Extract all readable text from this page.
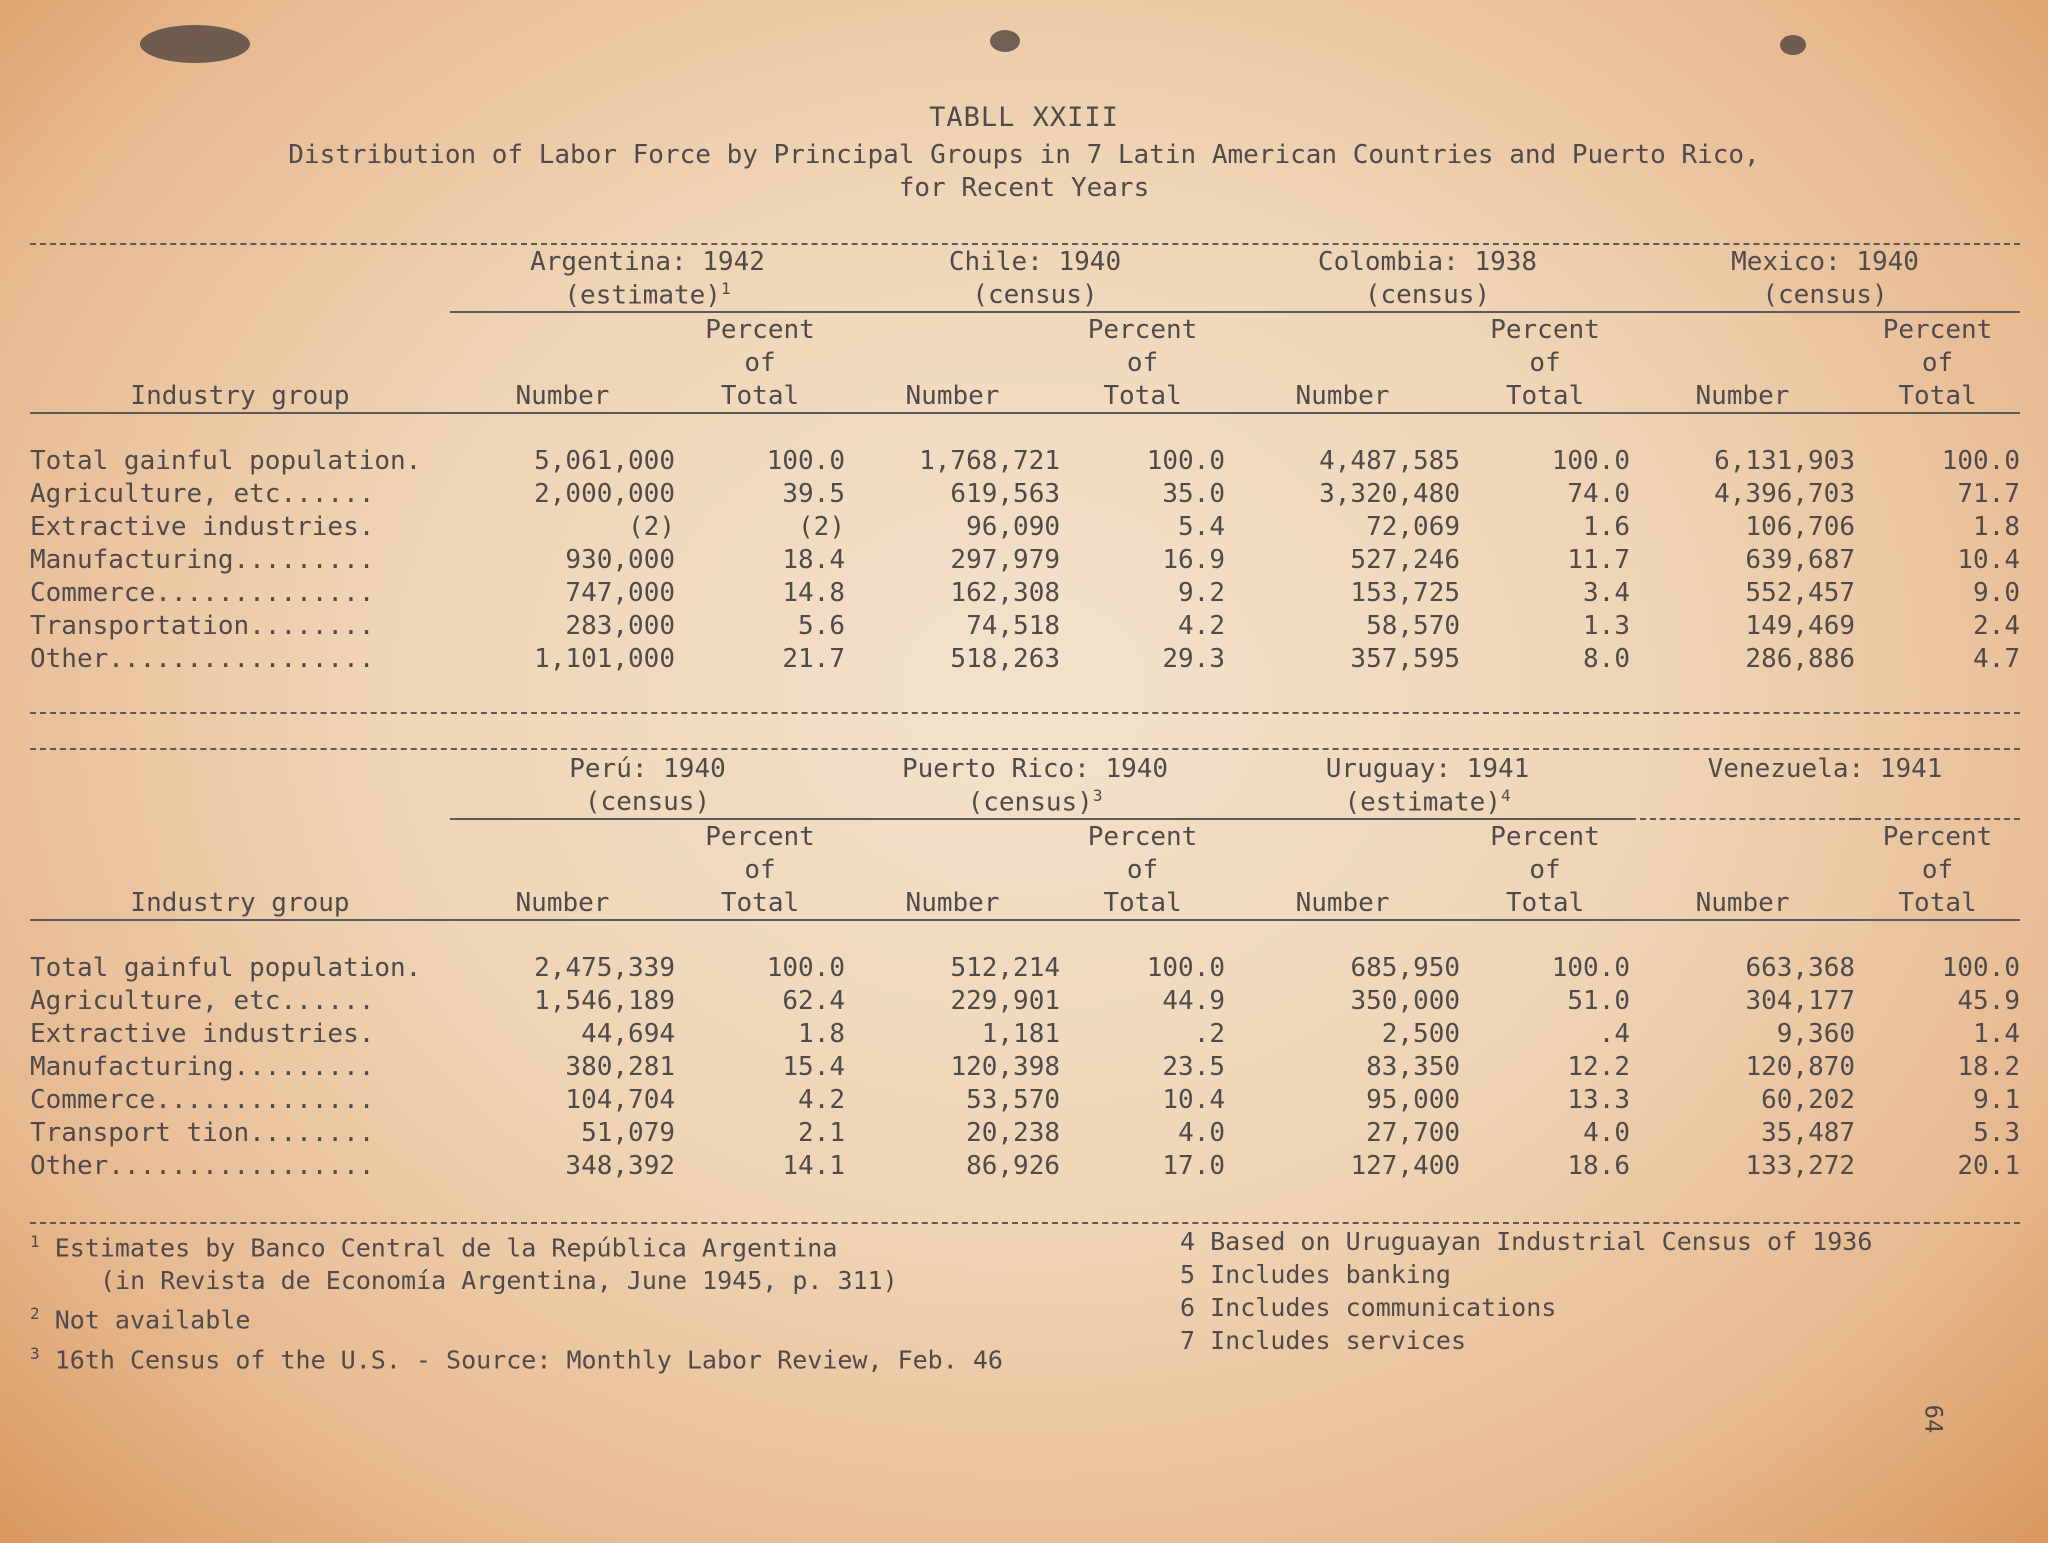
TABLL XXIII
Distribution of Labor Force by Principal Groups in 7 Latin American Countries and Puerto Rico,
for Recent Years
	Argentina: 1942		Chile: 1940		Colombia: 1938		Mexico: 1940	
	(estimate)$^1$		(census)		(census)		(census)	
		Percent		Percent		Percent		Percent
		of		of		of		of
Industry group	Number	Total	Number	Total	Number	Total	Number	Total

Total gainful population.	5,061,000	100.0	1,768,721	100.0	4,487,585	100.0	6,131,903	100.0
Agriculture, etc......	2,000,000	39.5	619,563	35.0	3,320,480	74.0	4,396,703	71.7
Extractive industries.	(2)	(2)	96,090	5.4	72,069	1.6	106,706	1.8
Manufacturing.........	930,000	18.4	297,979	16.9	527,246	11.7	639,687	10.4
Commerce..............	747,000	14.8	162,308	9.2	153,725	3.4	552,457	9.0
Transportation........	283,000	5.6	74,518	4.2	58,570	1.3	149,469	2.4
Other.................	1,101,000	21.7	518,263	29.3	357,595	8.0	286,886	4.7

	Perú: 1940		Puerto Rico: 1940		Uruguay: 1941		Venezuela: 1941	
	(census)		(census)$^3$		(estimate)$^4$	
		Percent		Percent		Percent		Percent
		of		of		of		of
Industry group	Number	Total	Number	Total	Number	Total	Number	Total

Total gainful population.	2,475,339	100.0	512,214	100.0	685,950	100.0	663,368	100.0
Agriculture, etc......	1,546,189	62.4	229,901	44.9	350,000	51.0	304,177	45.9
Extractive industries.	44,694	1.8	1,181	.2	2,500	.4	9,360	1.4
Manufacturing.........	380,281	15.4	120,398	23.5	83,350	12.2	120,870	18.2
Commerce..............	104,704	4.2	53,570	10.4	95,000	13.3	60,202	9.1
Transport tion........	51,079	2.1	20,238	4.0	27,700	4.0	35,487	5.3
Other.................	348,392	14.1	86,926	17.0	127,400	18.6	133,272	20.1
$^1$ Estimates by Banco Central de la República Argentina
(in Revista de Economía Argentina, June 1945, p. 311)
$^2$ Not available
$^3$ 16th Census of the U.S. - Source: Monthly Labor Review, Feb. 46
4 Based on Uruguayan Industrial Census of 1936
5 Includes banking
6 Includes communications
7 Includes services
64
